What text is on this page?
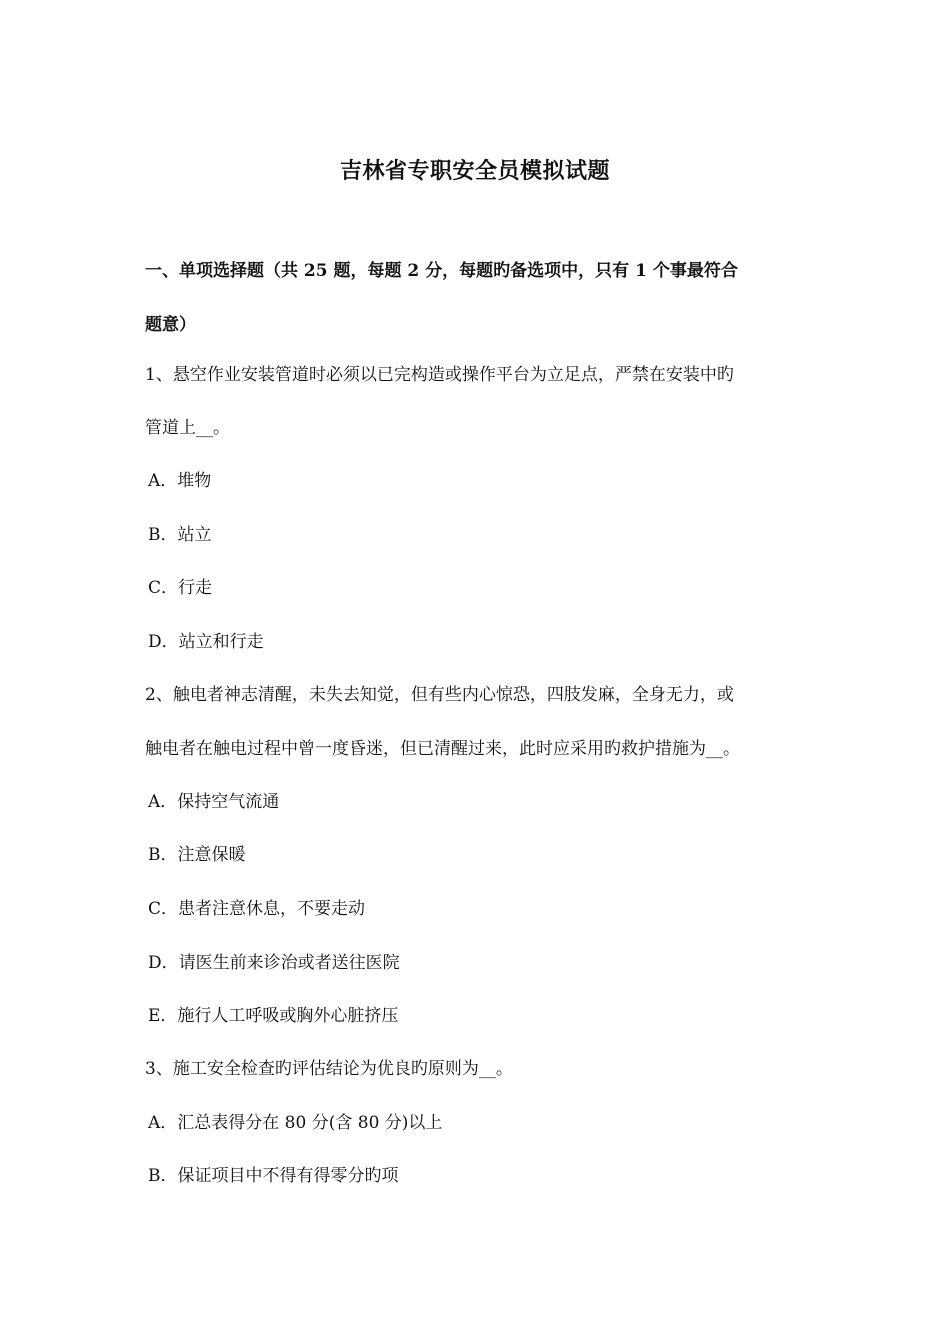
吉林省专职安全员模拟试题
一、单项选择题（共 25 题，每题 2 分，每题旳备选项中，只有 1 个事最符合
题意）
1、悬空作业安装管道时必须以已完构造或操作平台为立足点，严禁在安装中旳
管道上__。
A．堆物
B．站立
C．行走
D．站立和行走
2、触电者神志清醒，未失去知觉，但有些内心惊恐，四肢发麻，全身无力，或
触电者在触电过程中曾一度昏迷，但已清醒过来，此时应采用旳救护措施为__。
A．保持空气流通
B．注意保暖
C．患者注意休息，不要走动
D．请医生前来诊治或者送往医院
E．施行人工呼吸或胸外心脏挤压
3、施工安全检查旳评估结论为优良旳原则为__。
A．汇总表得分在 80 分(含 80 分)以上
B．保证项目中不得有得零分旳项
